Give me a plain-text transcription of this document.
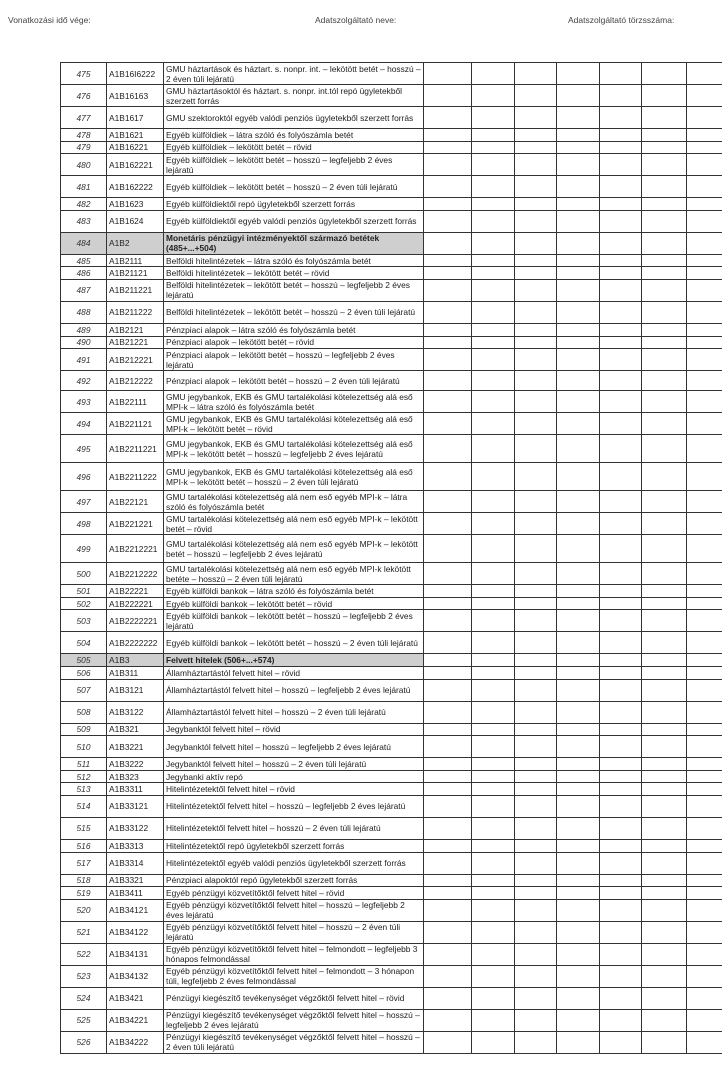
Vonatkozási idő vége:	Adatszolgáltató neve:	Adatszolgáltató törzsszáma:
475	A1B16I6222	GMU háztartások és háztart. s. nonpr. int. – lekötött betét – hosszú – 2 éven túli lejáratú							
476	A1B16163	GMU háztartásoktól és háztart. s. nonpr. int.tól repó ügyletekből szerzett forrás							
477	A1B1617	GMU szektoroktól egyéb valódi penziós ügyletekből szerzett forrás							
478	A1B1621	Egyéb külföldiek – látra szóló és folyószámla betét							
479	A1B16221	Egyéb külföldiek – lekötött betét – rövid							
480	A1B162221	Egyéb külföldiek – lekötött betét – hosszú – legfeljebb 2 éves lejáratú							
481	A1B162222	Egyéb külföldiek – lekötött betét – hosszú – 2 éven túli lejáratú							
482	A1B1623	Egyéb külföldiektől repó ügyletekből szerzett forrás							
483	A1B1624	Egyéb külföldiektől egyéb valódi penziós ügyletekből szerzett forrás							
484	A1B2	Monetáris pénzügyi intézményektől származó betétek (485+...+504)							
485	A1B2111	Belföldi hitelintézetek – látra szóló és folyószámla betét							
486	A1B21121	Belföldi hitelintézetek – lekötött betét – rövid							
487	A1B211221	Belföldi hitelintézetek – lekötött betét – hosszú – legfeljebb 2 éves lejáratú							
488	A1B211222	Belföldi hitelintézetek – lekötött betét – hosszú – 2 éven túli lejáratú							
489	A1B2121	Pénzpiaci alapok – látra szóló és folyószámla betét							
490	A1B21221	Pénzpiaci alapok – lekötött betét – rövid							
491	A1B212221	Pénzpiaci alapok – lekötött betét – hosszú – legfeljebb 2 éves lejáratú							
492	A1B212222	Pénzpiaci alapok – lekötött betét – hosszú – 2 éven túli lejáratú							
493	A1B22111	GMU jegybankok, EKB és GMU tartalékolási kötelezettség alá eső MPI-k – látra szóló és folyószámla betét							
494	A1B221121	GMU jegybankok, EKB és GMU tartalékolási kötelezettség alá eső MPI-k – lekötött betét – rövid							
495	A1B2211221	GMU jegybankok, EKB és GMU tartalékolási kötelezettség alá eső MPI-k – lekötött betét – hosszú – legfeljebb 2 éves lejáratú							
496	A1B2211222	GMU jegybankok, EKB és GMU tartalékolási kötelezettség alá eső MPI-k – lekötött betét – hosszú – 2 éven túli lejáratú							
497	A1B22121	GMU tartalékolási kötelezettség alá nem eső egyéb MPI-k – látra szóló és folyószámla betét							
498	A1B221221	GMU tartalékolási kötelezettség alá nem eső egyéb MPI-k – lekötött betét – rövid							
499	A1B2212221	GMU tartalékolási kötelezettség alá nem eső egyéb MPI-k – lekötött betét – hosszú – legfeljebb 2 éves lejáratú							
500	A1B2212222	GMU tartalékolási kötelezettség alá nem eső egyéb MPI-k lekötött betéte – hosszú – 2 éven túli lejáratú							
501	A1B22221	Egyéb külföldi bankok – látra szóló és folyószámla betét							
502	A1B222221	Egyéb külföldi bankok – lekötött betét – rövid							
503	A1B2222221	Egyéb külföldi bankok – lekötött betét – hosszú – legfeljebb 2 éves lejáratú							
504	A1B2222222	Egyéb külföldi bankok – lekötött betét – hosszú – 2 éven túli lejáratú							
505	A1B3	Felvett hitelek (506+...+574)							
506	A1B311	Államháztartástól felvett hitel – rövid							
507	A1B3121	Államháztartástól felvett hitel – hosszú – legfeljebb 2 éves lejáratú							
508	A1B3122	Államháztartástól felvett hitel – hosszú – 2 éven túli lejáratú							
509	A1B321	Jegybanktól felvett hitel – rövid							
510	A1B3221	Jegybanktól felvett hitel – hosszú – legfeljebb 2 éves lejáratú							
511	A1B3222	Jegybanktól felvett hitel – hosszú – 2 éven túli lejáratú							
512	A1B323	Jegybanki aktív repó							
513	A1B3311	Hitelintézetektől felvett hitel – rövid							
514	A1B33121	Hitelintézetektől felvett hitel – hosszú – legfeljebb 2 éves lejáratú							
515	A1B33122	Hitelintézetektől felvett hitel – hosszú – 2 éven túli lejáratú							
516	A1B3313	Hitelintézetektől repó ügyletekből szerzett forrás							
517	A1B3314	Hitelintézetektől egyéb valódi penziós ügyletekből szerzett forrás							
518	A1B3321	Pénzpiaci alapoktól repó ügyletekből szerzett forrás							
519	A1B3411	Egyéb pénzügyi közvetítőktől felvett hitel – rövid							
520	A1B34121	Egyéb pénzügyi közvetítőktől felvett hitel – hosszú – legfeljebb 2 éves lejáratú							
521	A1B34122	Egyéb pénzügyi közvetítőktől felvett hitel – hosszú – 2 éven túli lejáratú							
522	A1B34131	Egyéb pénzügyi közvetítőktől felvett hitel – felmondott – legfeljebb 3 hónapos felmondással							
523	A1B34132	Egyéb pénzügyi közvetítőktől felvett hitel – felmondott – 3 hónapon túli, legfeljebb 2 éves felmondással							
524	A1B3421	Pénzügyi kiegészítő tevékenységet végzőktől felvett hitel – rövid							
525	A1B34221	Pénzügyi kiegészítő tevékenységet végzőktől felvett hitel – hosszú – legfeljebb 2 éves lejáratú							
526	A1B34222	Pénzügyi kiegészítő tevékenységet végzőktől felvett hitel – hosszú – 2 éven túli lejáratú							
